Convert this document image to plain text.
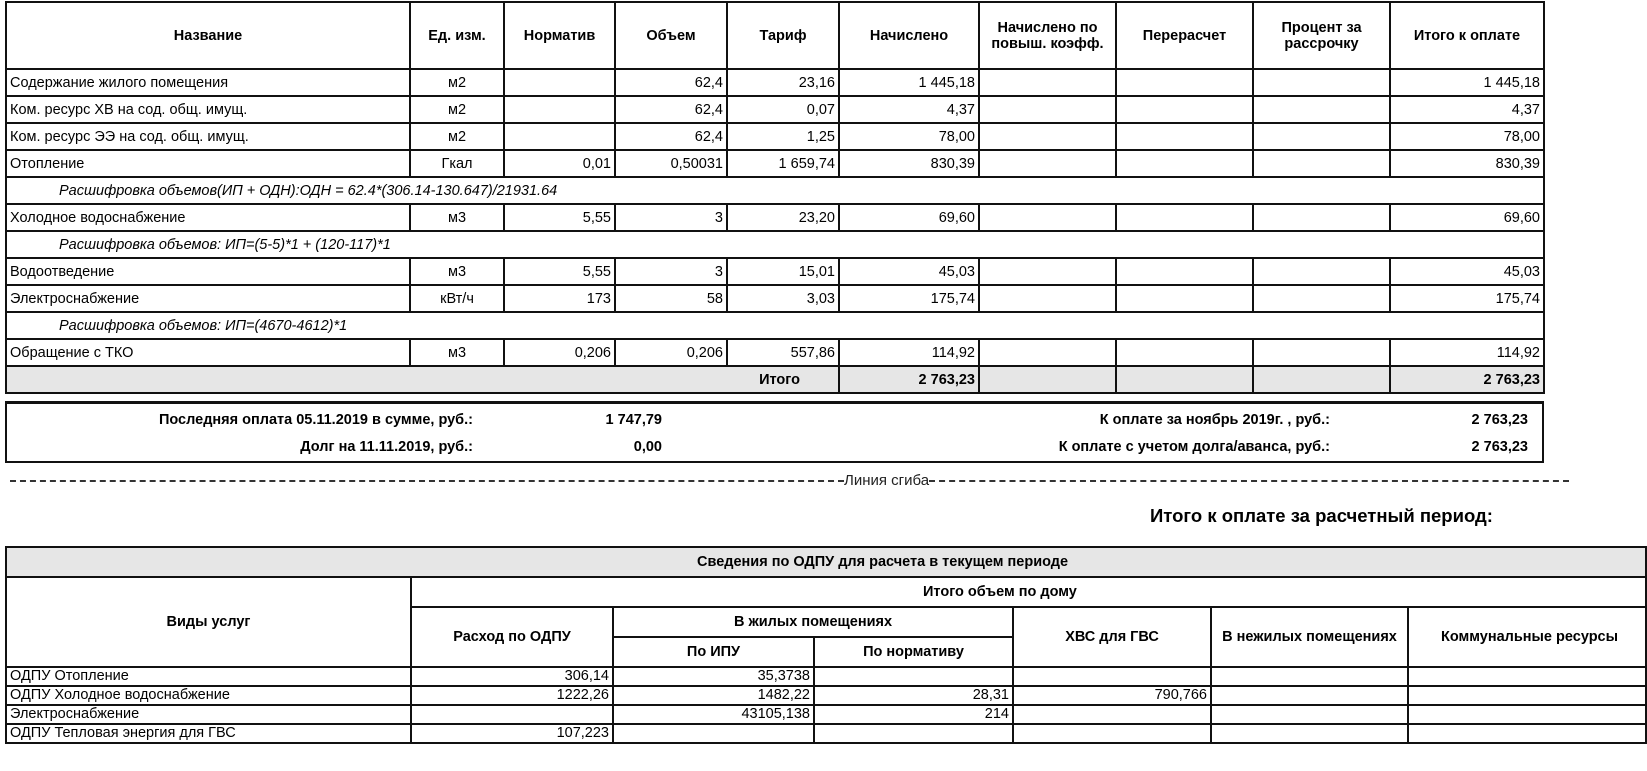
Название	Ед. изм.	Норматив	Объем	Тариф	Начислено	Начислено по повыш. коэфф.	Перерасчет	Процент за рассрочку	Итого к оплате
Содержание жилого помещения	м2		62,4	23,16	1 445,18				1 445,18
Ком. ресурс ХВ на сод. общ. имущ.	м2		62,4	0,07	4,37				4,37
Ком. ресурс ЭЭ на сод. общ. имущ.	м2		62,4	1,25	78,00				78,00
Отопление	Гкал	0,01	0,50031	1 659,74	830,39				830,39
Расшифровка объемов(ИП + ОДН):ОДН = 62.4*(306.14-130.647)/21931.64									
Холодное водоснабжение	м3	5,55	3	23,20	69,60				69,60
Расшифровка объемов: ИП=(5-5)*1 + (120-117)*1									
Водоотведение	м3	5,55	3	15,01	45,03				45,03
Электроснабжение	кВт/ч	173	58	3,03	175,74				175,74
Расшифровка объемов: ИП=(4670-4612)*1									
Обращение с ТКО	м3	0,206	0,206	557,86	114,92				114,92
Итого					2 763,23				2 763,23
Последняя оплата 05.11.2019 в сумме, руб.:	1 747,79
Долг на 11.11.2019, руб.:	0,00
К оплате за ноябрь 2019г. , руб.:	2 763,23
К оплате с учетом долга/аванса, руб.:	2 763,23
Линия сгиба
Итого к оплате за расчетный период:
Сведения по ОДПУ для расчета в текущем периоде						
Виды услуг	Итого объем по дому					
	Расход по ОДПУ	В жилых помещениях		ХВС для ГВС	В нежилых помещениях	Коммунальные ресурсы
		По ИПУ	По нормативу			
ОДПУ Отопление	306,14	35,3738				
ОДПУ Холодное водоснабжение	1222,26	1482,22	28,31	790,766		
Электроснабжение		43105,138	214			
ОДПУ Тепловая энергия для ГВС	107,223					
